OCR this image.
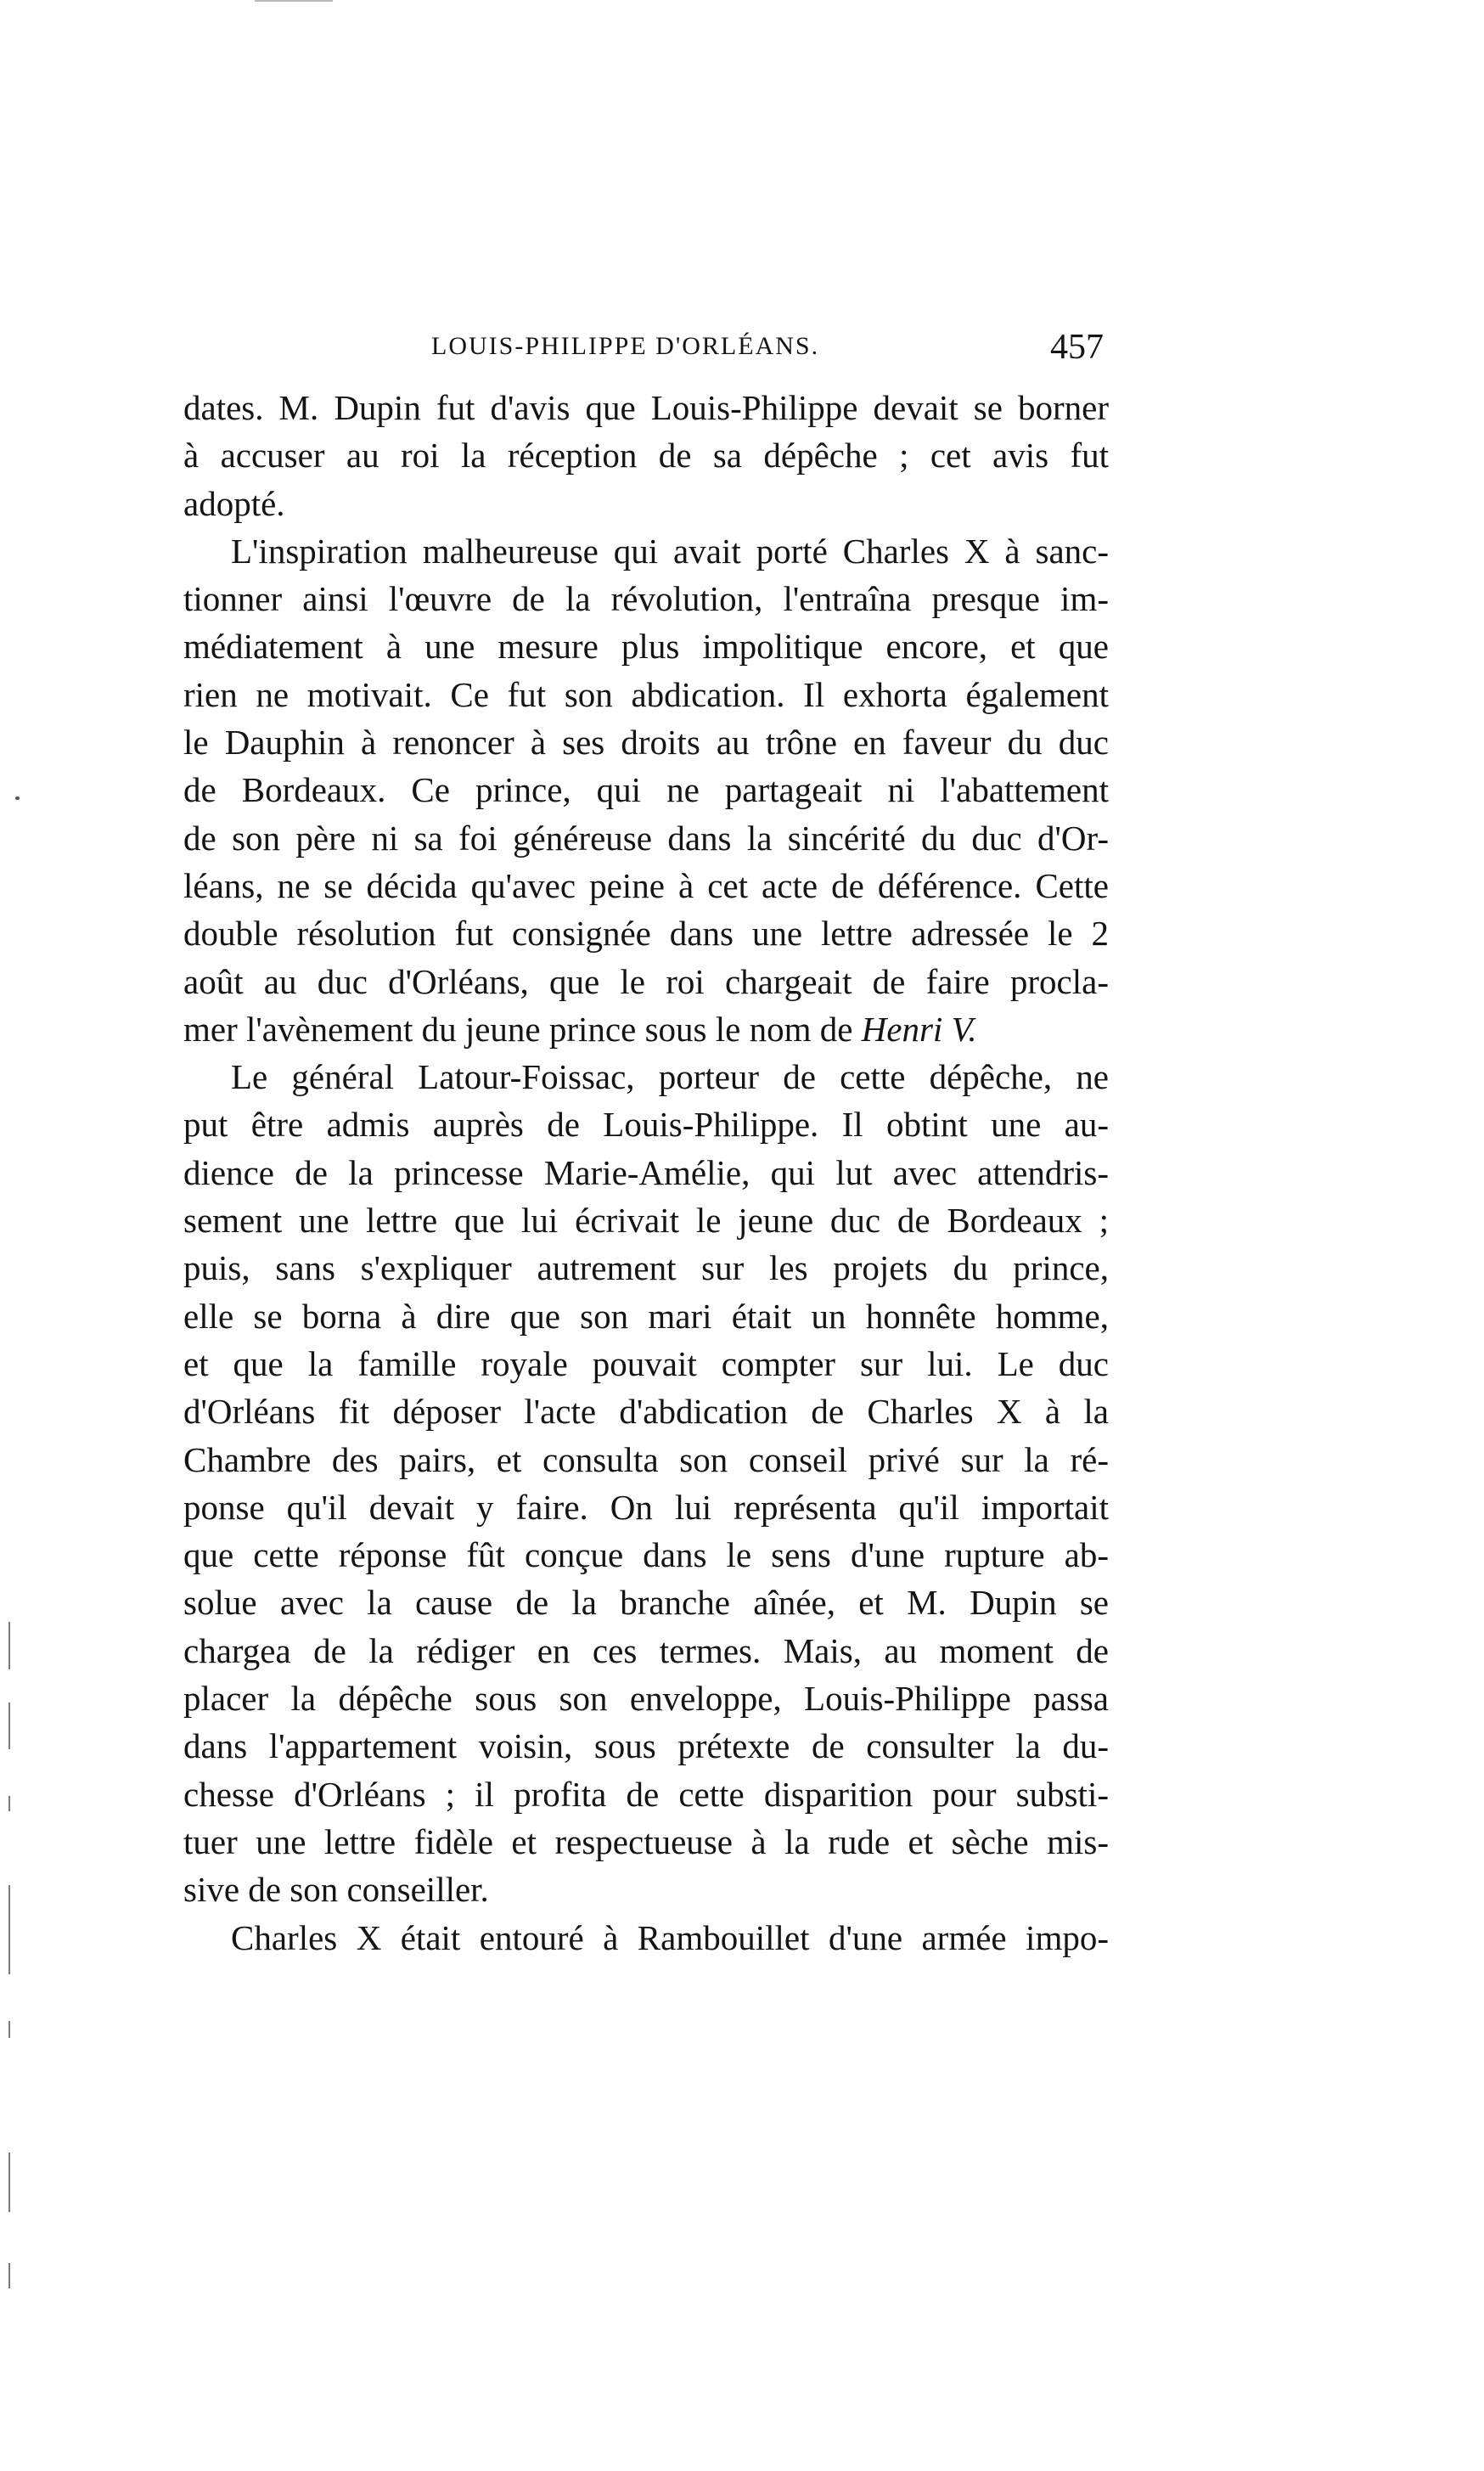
LOUIS-PHILIPPE D'ORLÉANS.	457
dates. M. Dupin fut d'avis que Louis-Philippe devait se borner
à accuser au roi la réception de sa dépêche ; cet avis fut
adopté.
L'inspiration malheureuse qui avait porté Charles X à sanc-
tionner ainsi l'œuvre de la révolution, l'entraîna presque im-
médiatement à une mesure plus impolitique encore, et que
rien ne motivait. Ce fut son abdication. Il exhorta également
le Dauphin à renoncer à ses droits au trône en faveur du duc
de Bordeaux. Ce prince, qui ne partageait ni l'abattement
de son père ni sa foi généreuse dans la sincérité du duc d'Or-
léans, ne se décida qu'avec peine à cet acte de déférence. Cette
double résolution fut consignée dans une lettre adressée le 2
août au duc d'Orléans, que le roi chargeait de faire procla-
mer l'avènement du jeune prince sous le nom de Henri V.
Le général Latour-Foissac, porteur de cette dépêche, ne
put être admis auprès de Louis-Philippe. Il obtint une au-
dience de la princesse Marie-Amélie, qui lut avec attendris-
sement une lettre que lui écrivait le jeune duc de Bordeaux ;
puis, sans s'expliquer autrement sur les projets du prince,
elle se borna à dire que son mari était un honnête homme,
et que la famille royale pouvait compter sur lui. Le duc
d'Orléans fit déposer l'acte d'abdication de Charles X à la
Chambre des pairs, et consulta son conseil privé sur la ré-
ponse qu'il devait y faire. On lui représenta qu'il importait
que cette réponse fût conçue dans le sens d'une rupture ab-
solue avec la cause de la branche aînée, et M. Dupin se
chargea de la rédiger en ces termes. Mais, au moment de
placer la dépêche sous son enveloppe, Louis-Philippe passa
dans l'appartement voisin, sous prétexte de consulter la du-
chesse d'Orléans ; il profita de cette disparition pour substi-
tuer une lettre fidèle et respectueuse à la rude et sèche mis-
sive de son conseiller.
Charles X était entouré à Rambouillet d'une armée impo-
